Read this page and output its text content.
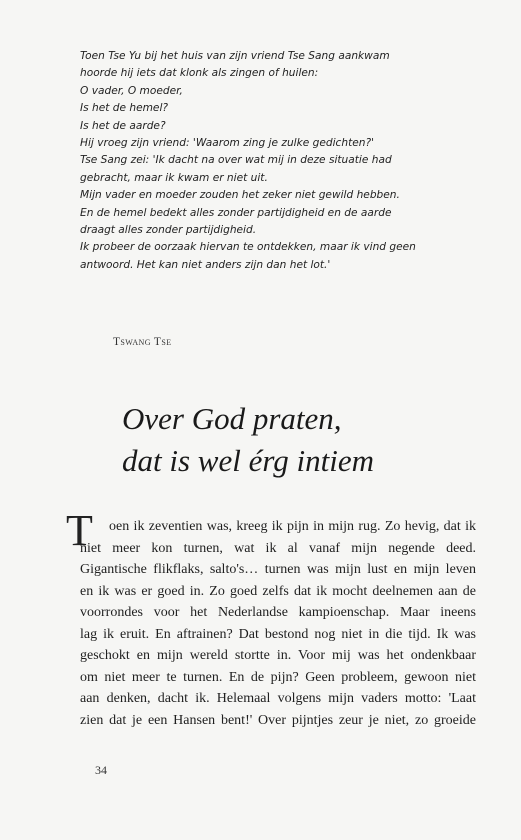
Toen Tse Yu bij het huis van zijn vriend Tse Sang aankwam
hoorde hij iets dat klonk als zingen of huilen:
O vader, O moeder,
Is het de hemel?
Is het de aarde?
Hij vroeg zijn vriend: 'Waarom zing je zulke gedichten?'
Tse Sang zei: 'Ik dacht na over wat mij in deze situatie had
gebracht, maar ik kwam er niet uit.
Mijn vader en moeder zouden het zeker niet gewild hebben.
En de hemel bedekt alles zonder partijdigheid en de aarde
draagt alles zonder partijdigheid.
Ik probeer de oorzaak hiervan te ontdekken, maar ik vind geen
antwoord. Het kan niet anders zijn dan het lot.'
Tswang Tse
Over God praten,
dat is wel érg intiem
T	oen ik zeventien was, kreeg ik pijn in mijn rug. Zo hevig, dat ik
niet meer kon turnen, wat ik al vanaf mijn negende deed.
Gigantische flikflaks, salto's… turnen was mijn lust en mijn leven
en ik was er goed in. Zo goed zelfs dat ik mocht deelnemen aan de
voorrondes voor het Nederlandse kampioenschap. Maar ineens
lag ik eruit. En aftrainen? Dat bestond nog niet in die tijd. Ik was
geschokt en mijn wereld stortte in. Voor mij was het ondenkbaar
om niet meer te turnen. En de pijn? Geen probleem, gewoon niet
aan denken, dacht ik. Helemaal volgens mijn vaders motto: 'Laat
zien dat je een Hansen bent!' Over pijntjes zeur je niet, zo groeide
34
